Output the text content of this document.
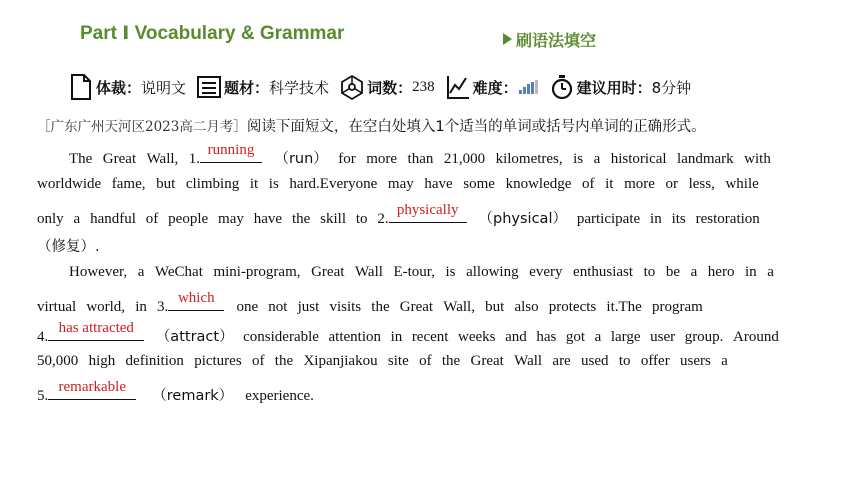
Part Ⅰ Vocabulary & Grammar	刷语法填空
体裁： 说明文	题材： 科学技术	词数： 238	难度：	建议用时： 8分钟
［广东广州天河区2023高二月考］阅读下面短文，在空白处填入1个适当的单词或括号内单词的正确形式。
The Great Wall, 1.
running
（run） for more than 21,000 kilometres, is a historical landmark with
worldwide fame, but climbing it is hard.Everyone may have some knowledge of it more or less, while
only a handful of people may have the skill to 2.
physically
（physical） participate in its restoration
（修复）.
However, a WeChat mini-program, Great Wall E-tour, is allowing every enthusiast to be a hero in a
virtual world, in 3.
which
one not just visits the Great Wall, but also protects it.The program
4.
has attracted
（attract） considerable attention in recent weeks and has got a large user group. Around
50,000 high definition pictures of the Xipanjiakou site of the Great Wall are used to offer users a
5.
remarkable
（remark） experience.
